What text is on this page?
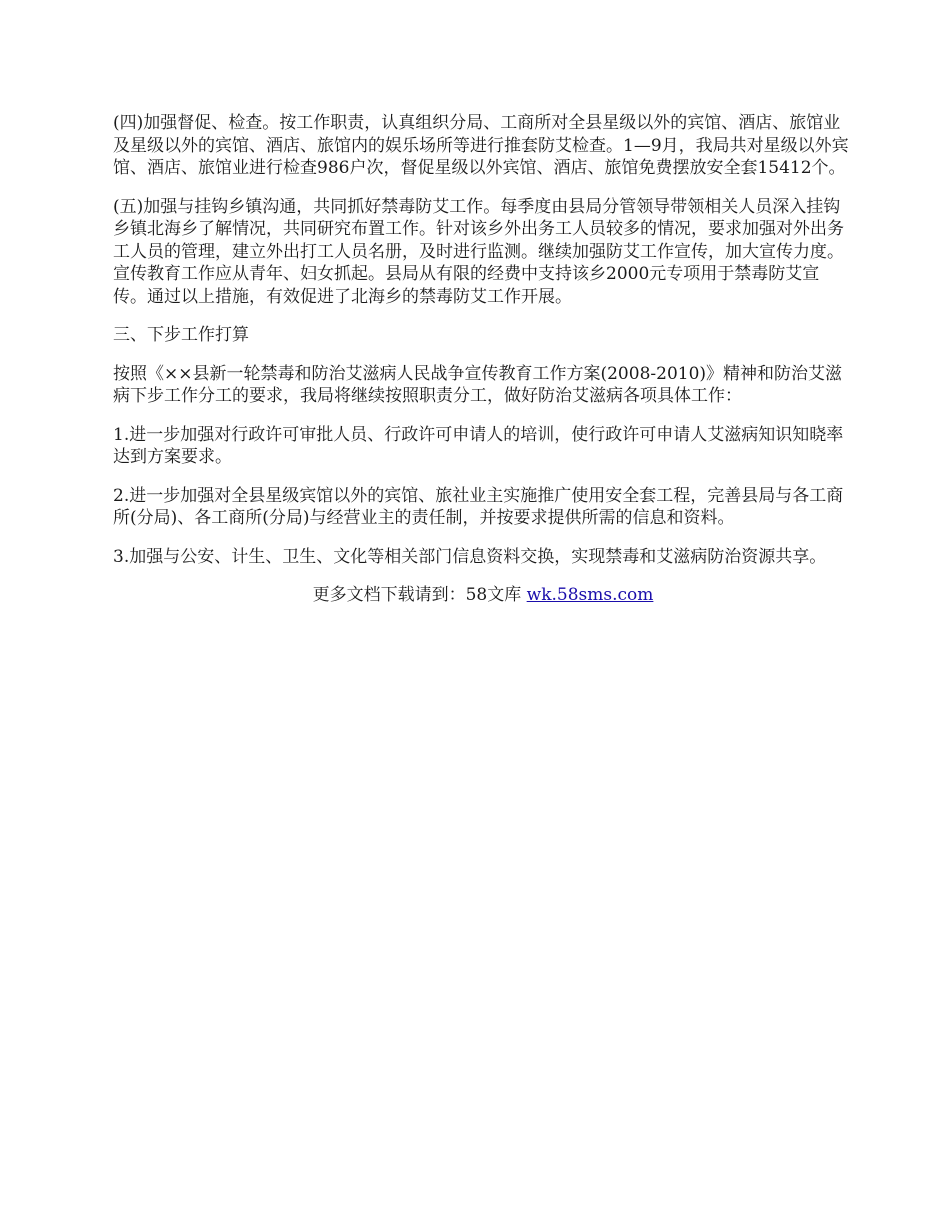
(四)加强督促、检查。按工作职责，认真组织分局、工商所对全县星级以外的宾馆、酒店、旅馆业及星级以外的宾馆、酒店、旅馆内的娱乐场所等进行推套防艾检查。1—9月，我局共对星级以外宾馆、酒店、旅馆业进行检查986户次，督促星级以外宾馆、酒店、旅馆免费摆放安全套15412个。

(五)加强与挂钩乡镇沟通，共同抓好禁毒防艾工作。每季度由县局分管领导带领相关人员深入挂钩乡镇北海乡了解情况，共同研究布置工作。针对该乡外出务工人员较多的情况，要求加强对外出务工人员的管理，建立外出打工人员名册，及时进行监测。继续加强防艾工作宣传，加大宣传力度。宣传教育工作应从青年、妇女抓起。县局从有限的经费中支持该乡2000元专项用于禁毒防艾宣传。通过以上措施，有效促进了北海乡的禁毒防艾工作开展。

三、下步工作打算

按照《××县新一轮禁毒和防治艾滋病人民战争宣传教育工作方案(2008-2010)》精神和防治艾滋病下步工作分工的要求，我局将继续按照职责分工，做好防治艾滋病各项具体工作：

1.进一步加强对行政许可审批人员、行政许可申请人的培训，使行政许可申请人艾滋病知识知晓率达到方案要求。

2.进一步加强对全县星级宾馆以外的宾馆、旅社业主实施推广使用安全套工程，完善县局与各工商所(分局)、各工商所(分局)与经营业主的责任制，并按要求提供所需的信息和资料。

3.加强与公安、计生、卫生、文化等相关部门信息资料交换，实现禁毒和艾滋病防治资源共享。

更多文档下载请到：58文库 wk.58sms.com
